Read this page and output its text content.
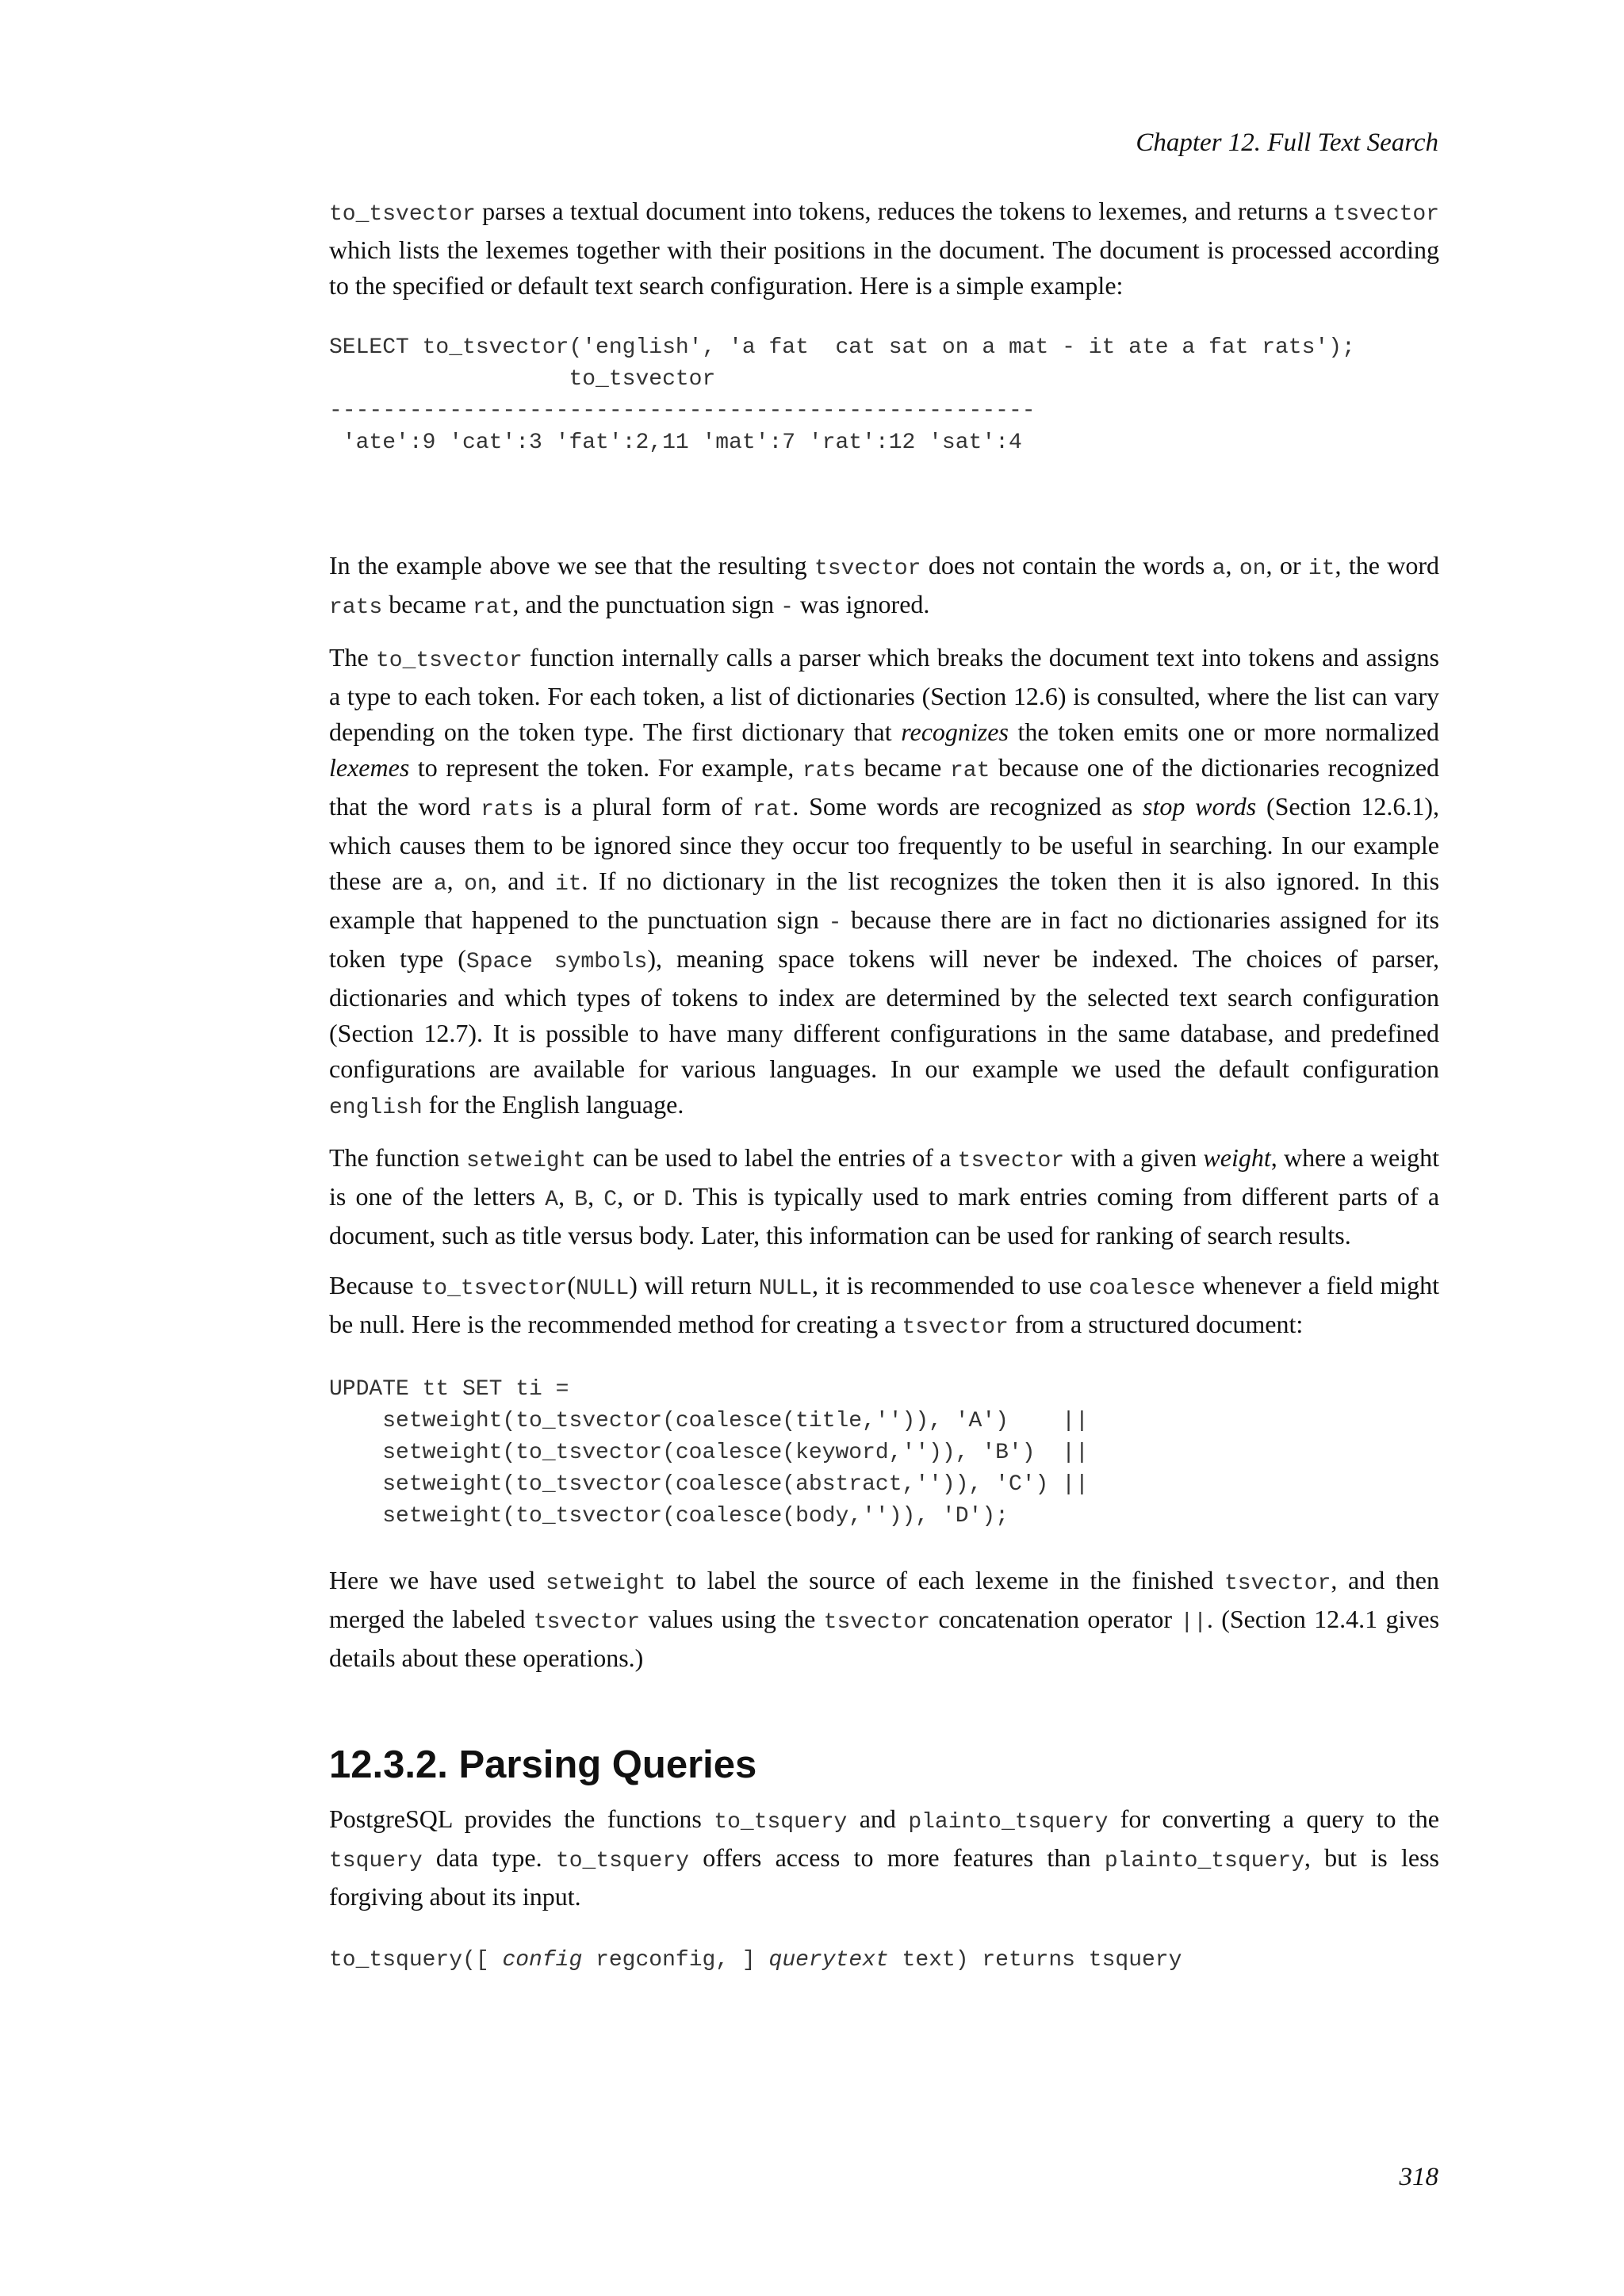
Chapter 12. Full Text Search

to_tsvector parses a textual document into tokens, reduces the tokens to lexemes, and returns a tsvector which lists the lexemes together with their positions in the document. The document is processed according to the specified or default text search configuration. Here is a simple example:

SELECT to_tsvector('english', 'a fat  cat sat on a mat - it ate a fat rats');
to_tsvector
-----------------------------------------------------
'ate':9 'cat':3 'fat':2,11 'mat':7 'rat':12 'sat':4

In the example above we see that the resulting tsvector does not contain the words a, on, or it, the word rats became rat, and the punctuation sign - was ignored.

The to_tsvector function internally calls a parser which breaks the document text into tokens and assigns a type to each token. For each token, a list of dictionaries (Section 12.6) is consulted, where the list can vary depending on the token type. The first dictionary that recognizes the token emits one or more normalized lexemes to represent the token. For example, rats became rat because one of the dictionaries recognized that the word rats is a plural form of rat. Some words are recognized as stop words (Section 12.6.1), which causes them to be ignored since they occur too frequently to be useful in searching. In our example these are a, on, and it. If no dictionary in the list recognizes the token then it is also ignored. In this example that happened to the punctuation sign - because there are in fact no dictionaries assigned for its token type (Space symbols), meaning space tokens will never be indexed. The choices of parser, dictionaries and which types of tokens to index are determined by the selected text search configuration (Section 12.7). It is possible to have many different configurations in the same database, and predefined configurations are available for various languages. In our example we used the default configuration english for the English language.

The function setweight can be used to label the entries of a tsvector with a given weight, where a weight is one of the letters A, B, C, or D. This is typically used to mark entries coming from different parts of a document, such as title versus body. Later, this information can be used for ranking of search results.

Because to_tsvector(NULL) will return NULL, it is recommended to use coalesce whenever a field might be null. Here is the recommended method for creating a tsvector from a structured document:

UPDATE tt SET ti =
setweight(to_tsvector(coalesce(title,'')), 'A')    ||
setweight(to_tsvector(coalesce(keyword,'')), 'B')  ||
setweight(to_tsvector(coalesce(abstract,'')), 'C') ||
setweight(to_tsvector(coalesce(body,'')), 'D');

Here we have used setweight to label the source of each lexeme in the finished tsvector, and then merged the labeled tsvector values using the tsvector concatenation operator ||. (Section 12.4.1 gives details about these operations.)

12.3.2. Parsing Queries

PostgreSQL provides the functions to_tsquery and plainto_tsquery for converting a query to the tsquery data type. to_tsquery offers access to more features than plainto_tsquery, but is less forgiving about its input.

to_tsquery([ config regconfig, ] querytext text) returns tsquery
318
